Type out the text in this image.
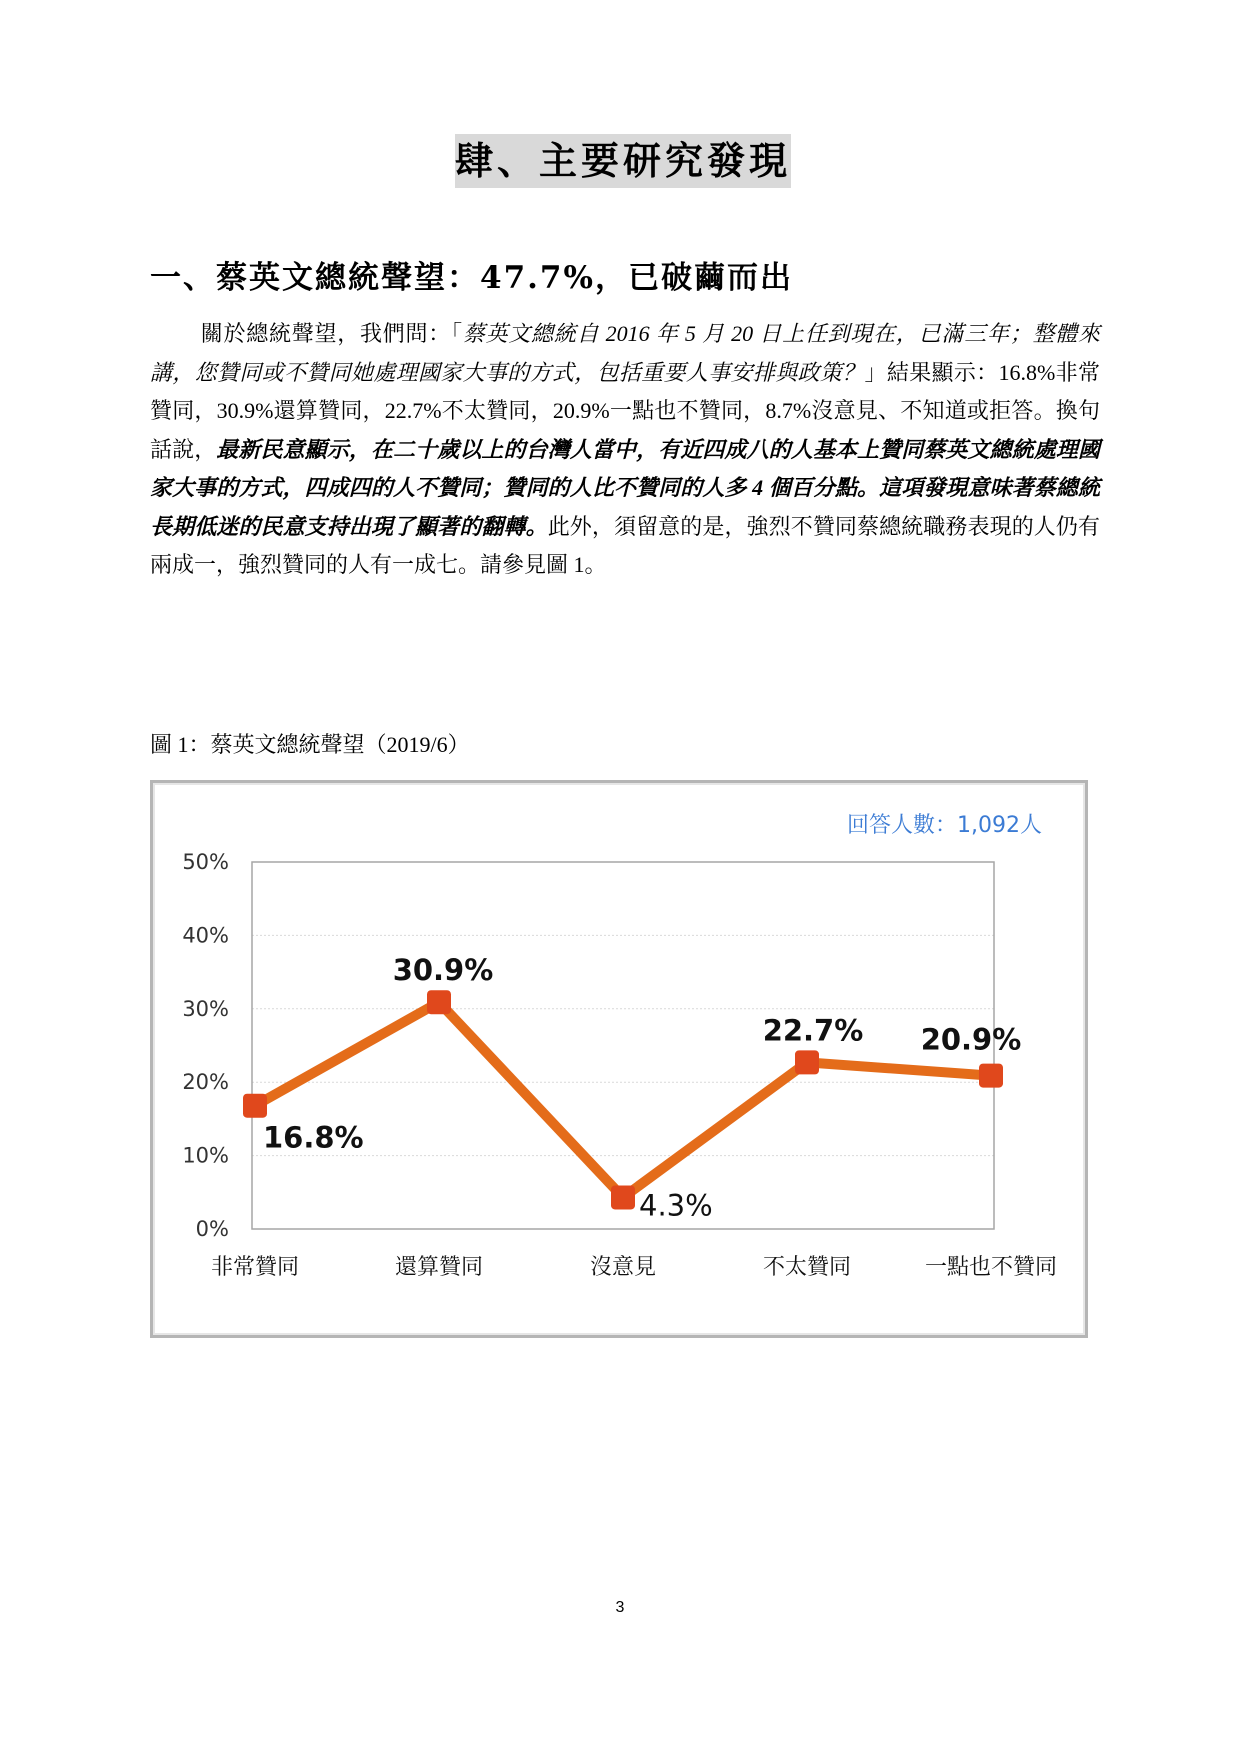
肆、主要研究發現
一、蔡英文總統聲望：47.7%，已破繭而出
關於總統聲望，我們問：「蔡英文總統自 2016 年 5 月 20 日上任到現在，已滿三年；整體來講，您贊同或不贊同她處理國家大事的方式，包括重要人事安排與政策？」結果顯示：16.8%非常贊同，30.9%還算贊同，22.7%不太贊同，20.9%一點也不贊同，8.7%沒意見、不知道或拒答。換句話說，最新民意顯示，在二十歲以上的台灣人當中，有近四成八的人基本上贊同蔡英文總統處理國家大事的方式，四成四的人不贊同；贊同的人比不贊同的人多 4 個百分點。這項發現意味著蔡總統長期低迷的民意支持出現了顯著的翻轉。此外，須留意的是，強烈不贊同蔡總統職務表現的人仍有兩成一，強烈贊同的人有一成七。請參見圖 1。
圖 1：蔡英文總統聲望（2019/6）
0%
10%
20%
30%
40%
50%
非常贊同	還算贊同	沒意見	不太贊同	一點也不贊同
16.8%
30.9%
4.3%
22.7% 20.9%
回答人數：1,092人
3
